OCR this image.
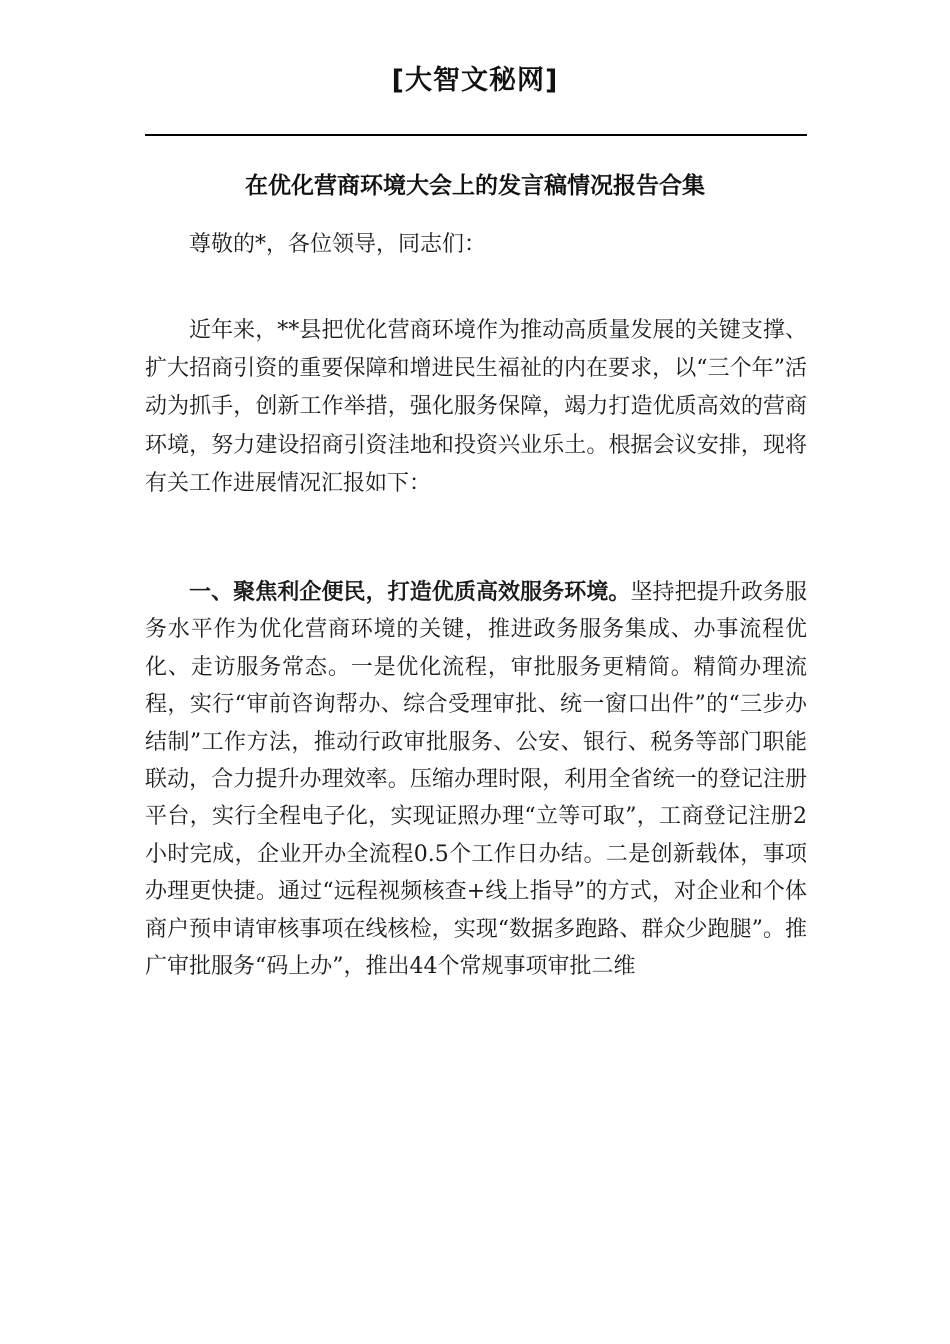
[大智文秘网]
在优化营商环境大会上的发言稿情况报告合集
尊敬的*，各位领导，同志们：
近年来，**县把优化营商环境作为推动高质量发展的关键支撑、扩大招商引资的重要保障和增进民生福祉的内在要求，以“三个年”活动为抓手，创新工作举措，强化服务保障，竭力打造优质高效的营商环境，努力建设招商引资洼地和投资兴业乐土。根据会议安排，现将有关工作进展情况汇报如下：
一、聚焦利企便民，打造优质高效服务环境。坚持把提升政务服务水平作为优化营商环境的关键，推进政务服务集成、办事流程优化、走访服务常态。一是优化流程，审批服务更精简。精简办理流程，实行“审前咨询帮办、综合受理审批、统一窗口出件”的“三步办结制”工作方法，推动行政审批服务、公安、银行、税务等部门职能联动，合力提升办理效率。压缩办理时限，利用全省统一的登记注册平台，实行全程电子化，实现证照办理“立等可取”，工商登记注册2小时完成，企业开办全流程0.5个工作日办结。二是创新载体，事项办理更快捷。通过“远程视频核查+线上指导”的方式，对企业和个体商户预申请审核事项在线核检，实现“数据多跑路、群众少跑腿”。推广审批服务“码上办”，推出44个常规事项审批二维
